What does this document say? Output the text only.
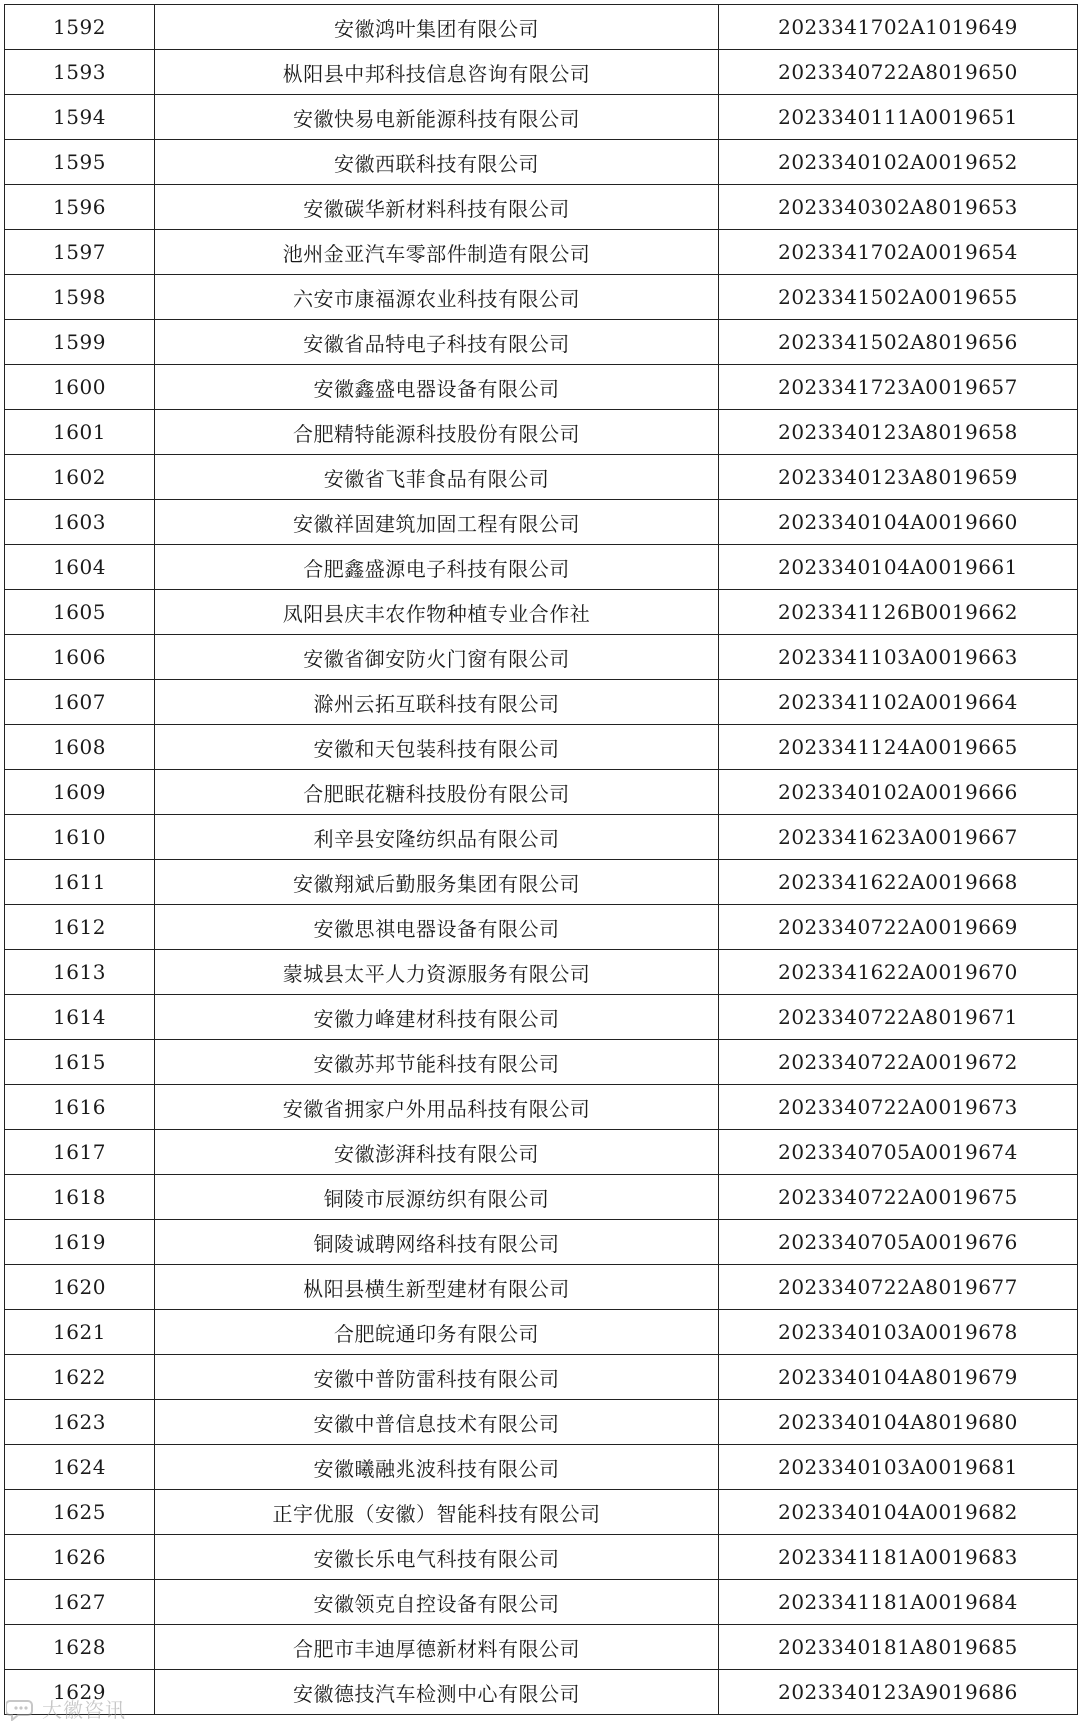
1592	安徽鸿叶集团有限公司	2023341702A1019649
1593	枞阳县中邦科技信息咨询有限公司	2023340722A8019650
1594	安徽快易电新能源科技有限公司	2023340111A0019651
1595	安徽西联科技有限公司	2023340102A0019652
1596	安徽碳华新材料科技有限公司	2023340302A8019653
1597	池州金亚汽车零部件制造有限公司	2023341702A0019654
1598	六安市康福源农业科技有限公司	2023341502A0019655
1599	安徽省品特电子科技有限公司	2023341502A8019656
1600	安徽鑫盛电器设备有限公司	2023341723A0019657
1601	合肥精特能源科技股份有限公司	2023340123A8019658
1602	安徽省飞菲食品有限公司	2023340123A8019659
1603	安徽祥固建筑加固工程有限公司	2023340104A0019660
1604	合肥鑫盛源电子科技有限公司	2023340104A0019661
1605	凤阳县庆丰农作物种植专业合作社	2023341126B0019662
1606	安徽省御安防火门窗有限公司	2023341103A0019663
1607	滁州云拓互联科技有限公司	2023341102A0019664
1608	安徽和天包装科技有限公司	2023341124A0019665
1609	合肥眠花糖科技股份有限公司	2023340102A0019666
1610	利辛县安隆纺织品有限公司	2023341623A0019667
1611	安徽翔斌后勤服务集团有限公司	2023341622A0019668
1612	安徽思祺电器设备有限公司	2023340722A0019669
1613	蒙城县太平人力资源服务有限公司	2023341622A0019670
1614	安徽力峰建材科技有限公司	2023340722A8019671
1615	安徽苏邦节能科技有限公司	2023340722A0019672
1616	安徽省拥家户外用品科技有限公司	2023340722A0019673
1617	安徽澎湃科技有限公司	2023340705A0019674
1618	铜陵市辰源纺织有限公司	2023340722A0019675
1619	铜陵诚聘网络科技有限公司	2023340705A0019676
1620	枞阳县横生新型建材有限公司	2023340722A8019677
1621	合肥皖通印务有限公司	2023340103A0019678
1622	安徽中普防雷科技有限公司	2023340104A8019679
1623	安徽中普信息技术有限公司	2023340104A8019680
1624	安徽曦融兆波科技有限公司	2023340103A0019681
1625	正宇优服（安徽）智能科技有限公司	2023340104A0019682
1626	安徽长乐电气科技有限公司	2023341181A0019683
1627	安徽领克自控设备有限公司	2023341181A0019684
1628	合肥市丰迪厚德新材料有限公司	2023340181A8019685
1629	安徽德技汽车检测中心有限公司	2023340123A9019686
大徽咨讯
